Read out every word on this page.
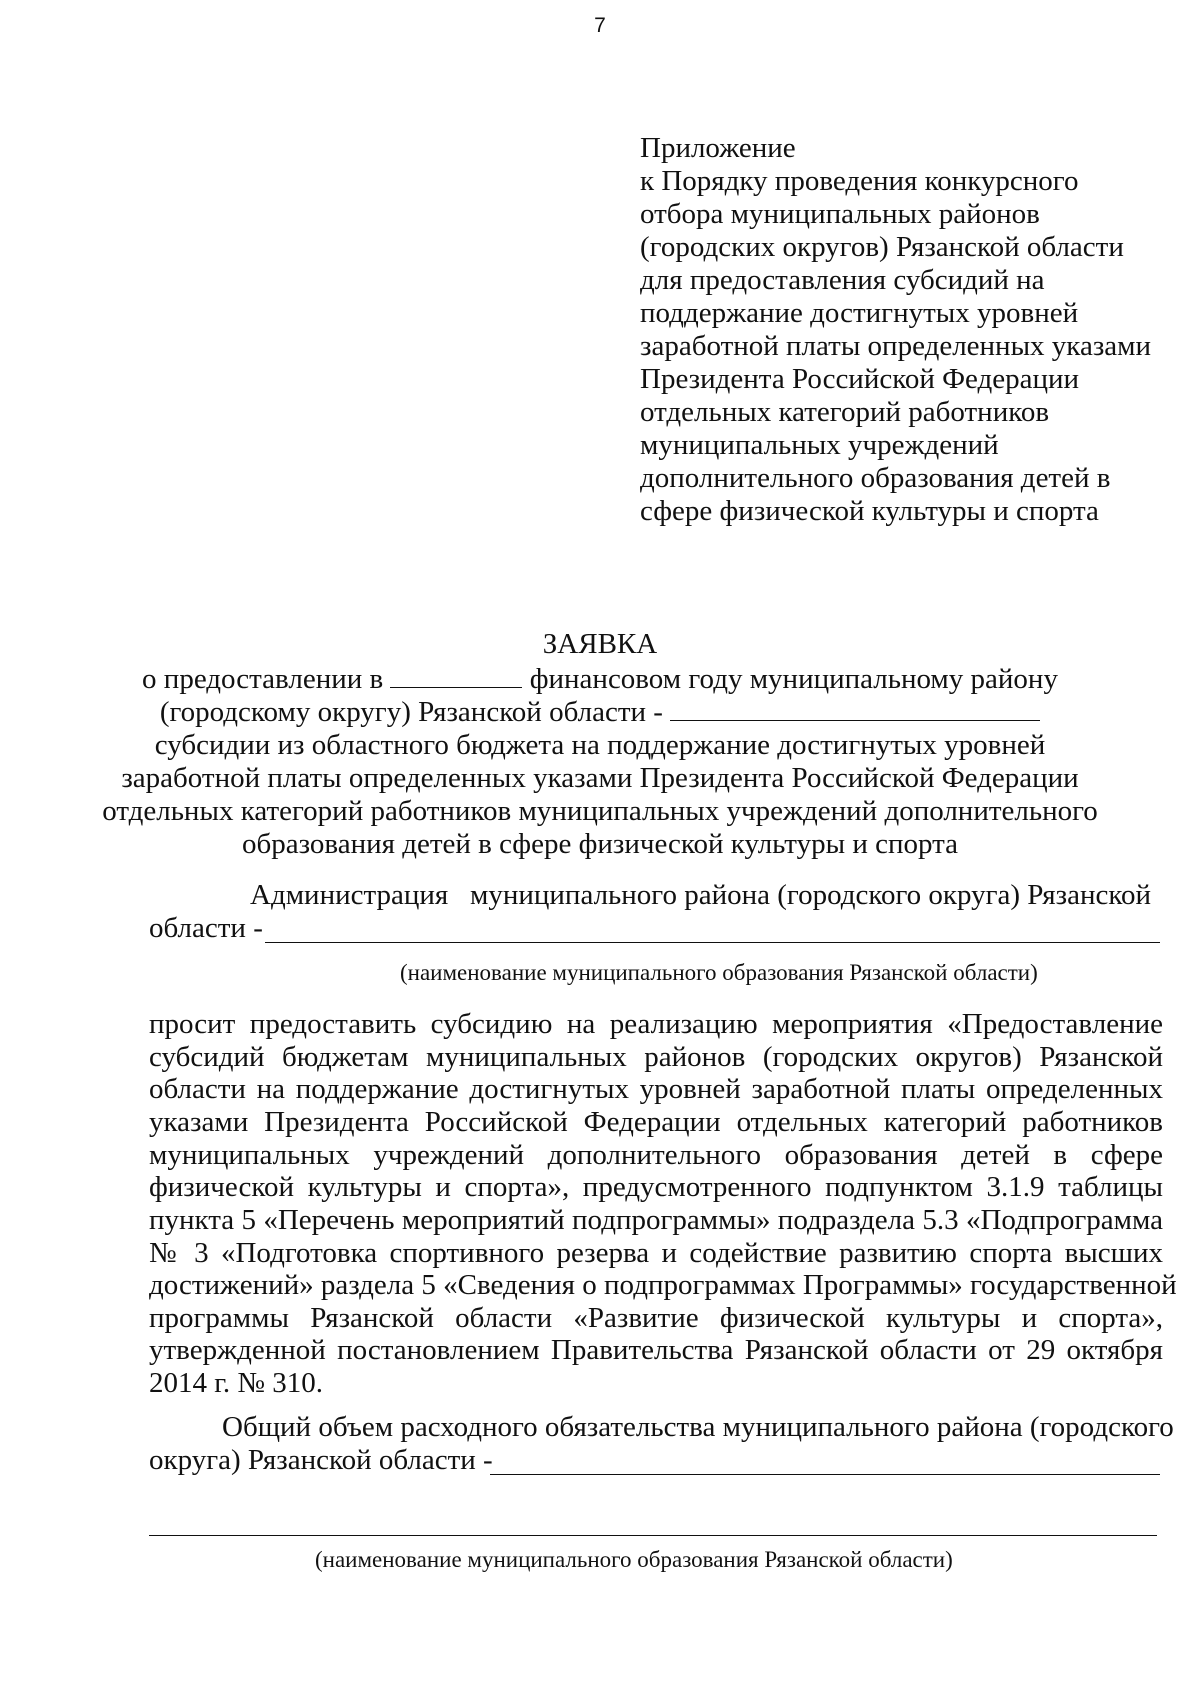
7
Приложение
к Порядку проведения конкурсного
отбора муниципальных районов
(городских округов) Рязанской области
для предоставления субсидий на
поддержание достигнутых уровней
заработной платы определенных указами
Президента Российской Федерации
отдельных категорий работников
муниципальных учреждений
дополнительного образования детей в
сфере физической культуры и спорта
ЗАЯВКА
о предоставлении в	финансовом году муниципальному району
(городскому округу) Рязанской области -
субсидии из областного бюджета на поддержание достигнутых уровней
заработной платы определенных указами Президента Российской Федерации
отдельных категорий работников муниципальных учреждений дополнительного
образования детей в сфере физической культуры и спорта
Администрация муниципального района (городского округа) Рязанской
области -
(наименование муниципального образования Рязанской области)
просит предоставить субсидию на реализацию мероприятия «Предоставление
субсидий бюджетам муниципальных районов (городских округов) Рязанской
области на поддержание достигнутых уровней заработной платы определенных
указами Президента Российской Федерации отдельных категорий работников
муниципальных учреждений дополнительного образования детей в сфере
физической культуры и спорта», предусмотренного подпунктом 3.1.9 таблицы
пункта 5 «Перечень мероприятий подпрограммы» подраздела 5.3 «Подпрограмма
№ 3 «Подготовка спортивного резерва и содействие развитию спорта высших
достижений» раздела 5 «Сведения о подпрограммах Программы» государственной
программы Рязанской области «Развитие физической культуры и спорта»,
утвержденной постановлением Правительства Рязанской области от 29 октября
2014 г. № 310.
Общий объем расходного обязательства муниципального района (городского
округа) Рязанской области -
(наименование муниципального образования Рязанской области)
